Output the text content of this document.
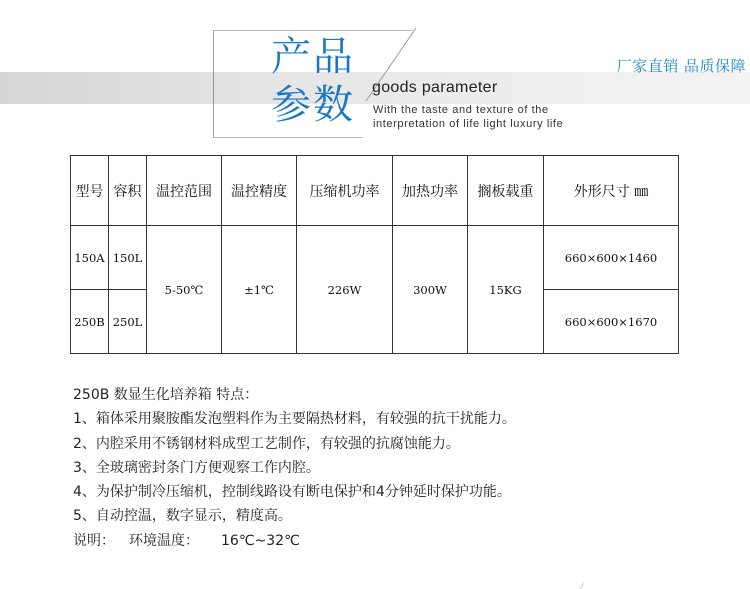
产品
参数	goods parameter
With the taste and texture of the
interpretation of life light luxury life
厂家直销 品质保障
型号	容积	温控范围	温控精度	压缩机功率	加热功率	搁板载重	外形尺寸 ㎜
150A	150L	5-50℃	±1℃	226W	300W	15KG	660×600×1460
250B	250L						660×600×1670
250B 数显生化培养箱 特点：
1、箱体采用聚胺酯发泡塑料作为主要隔热材料，有较强的抗干扰能力。
2、内腔采用不锈钢材料成型工艺制作，有较强的抗腐蚀能力。
3、全玻璃密封条门方便观察工作内腔。
4、为保护制冷压缩机，控制线路设有断电保护和4分钟延时保护功能。
5、自动控温，数字显示，精度高。
说明： 环境温度： 16℃~32℃
